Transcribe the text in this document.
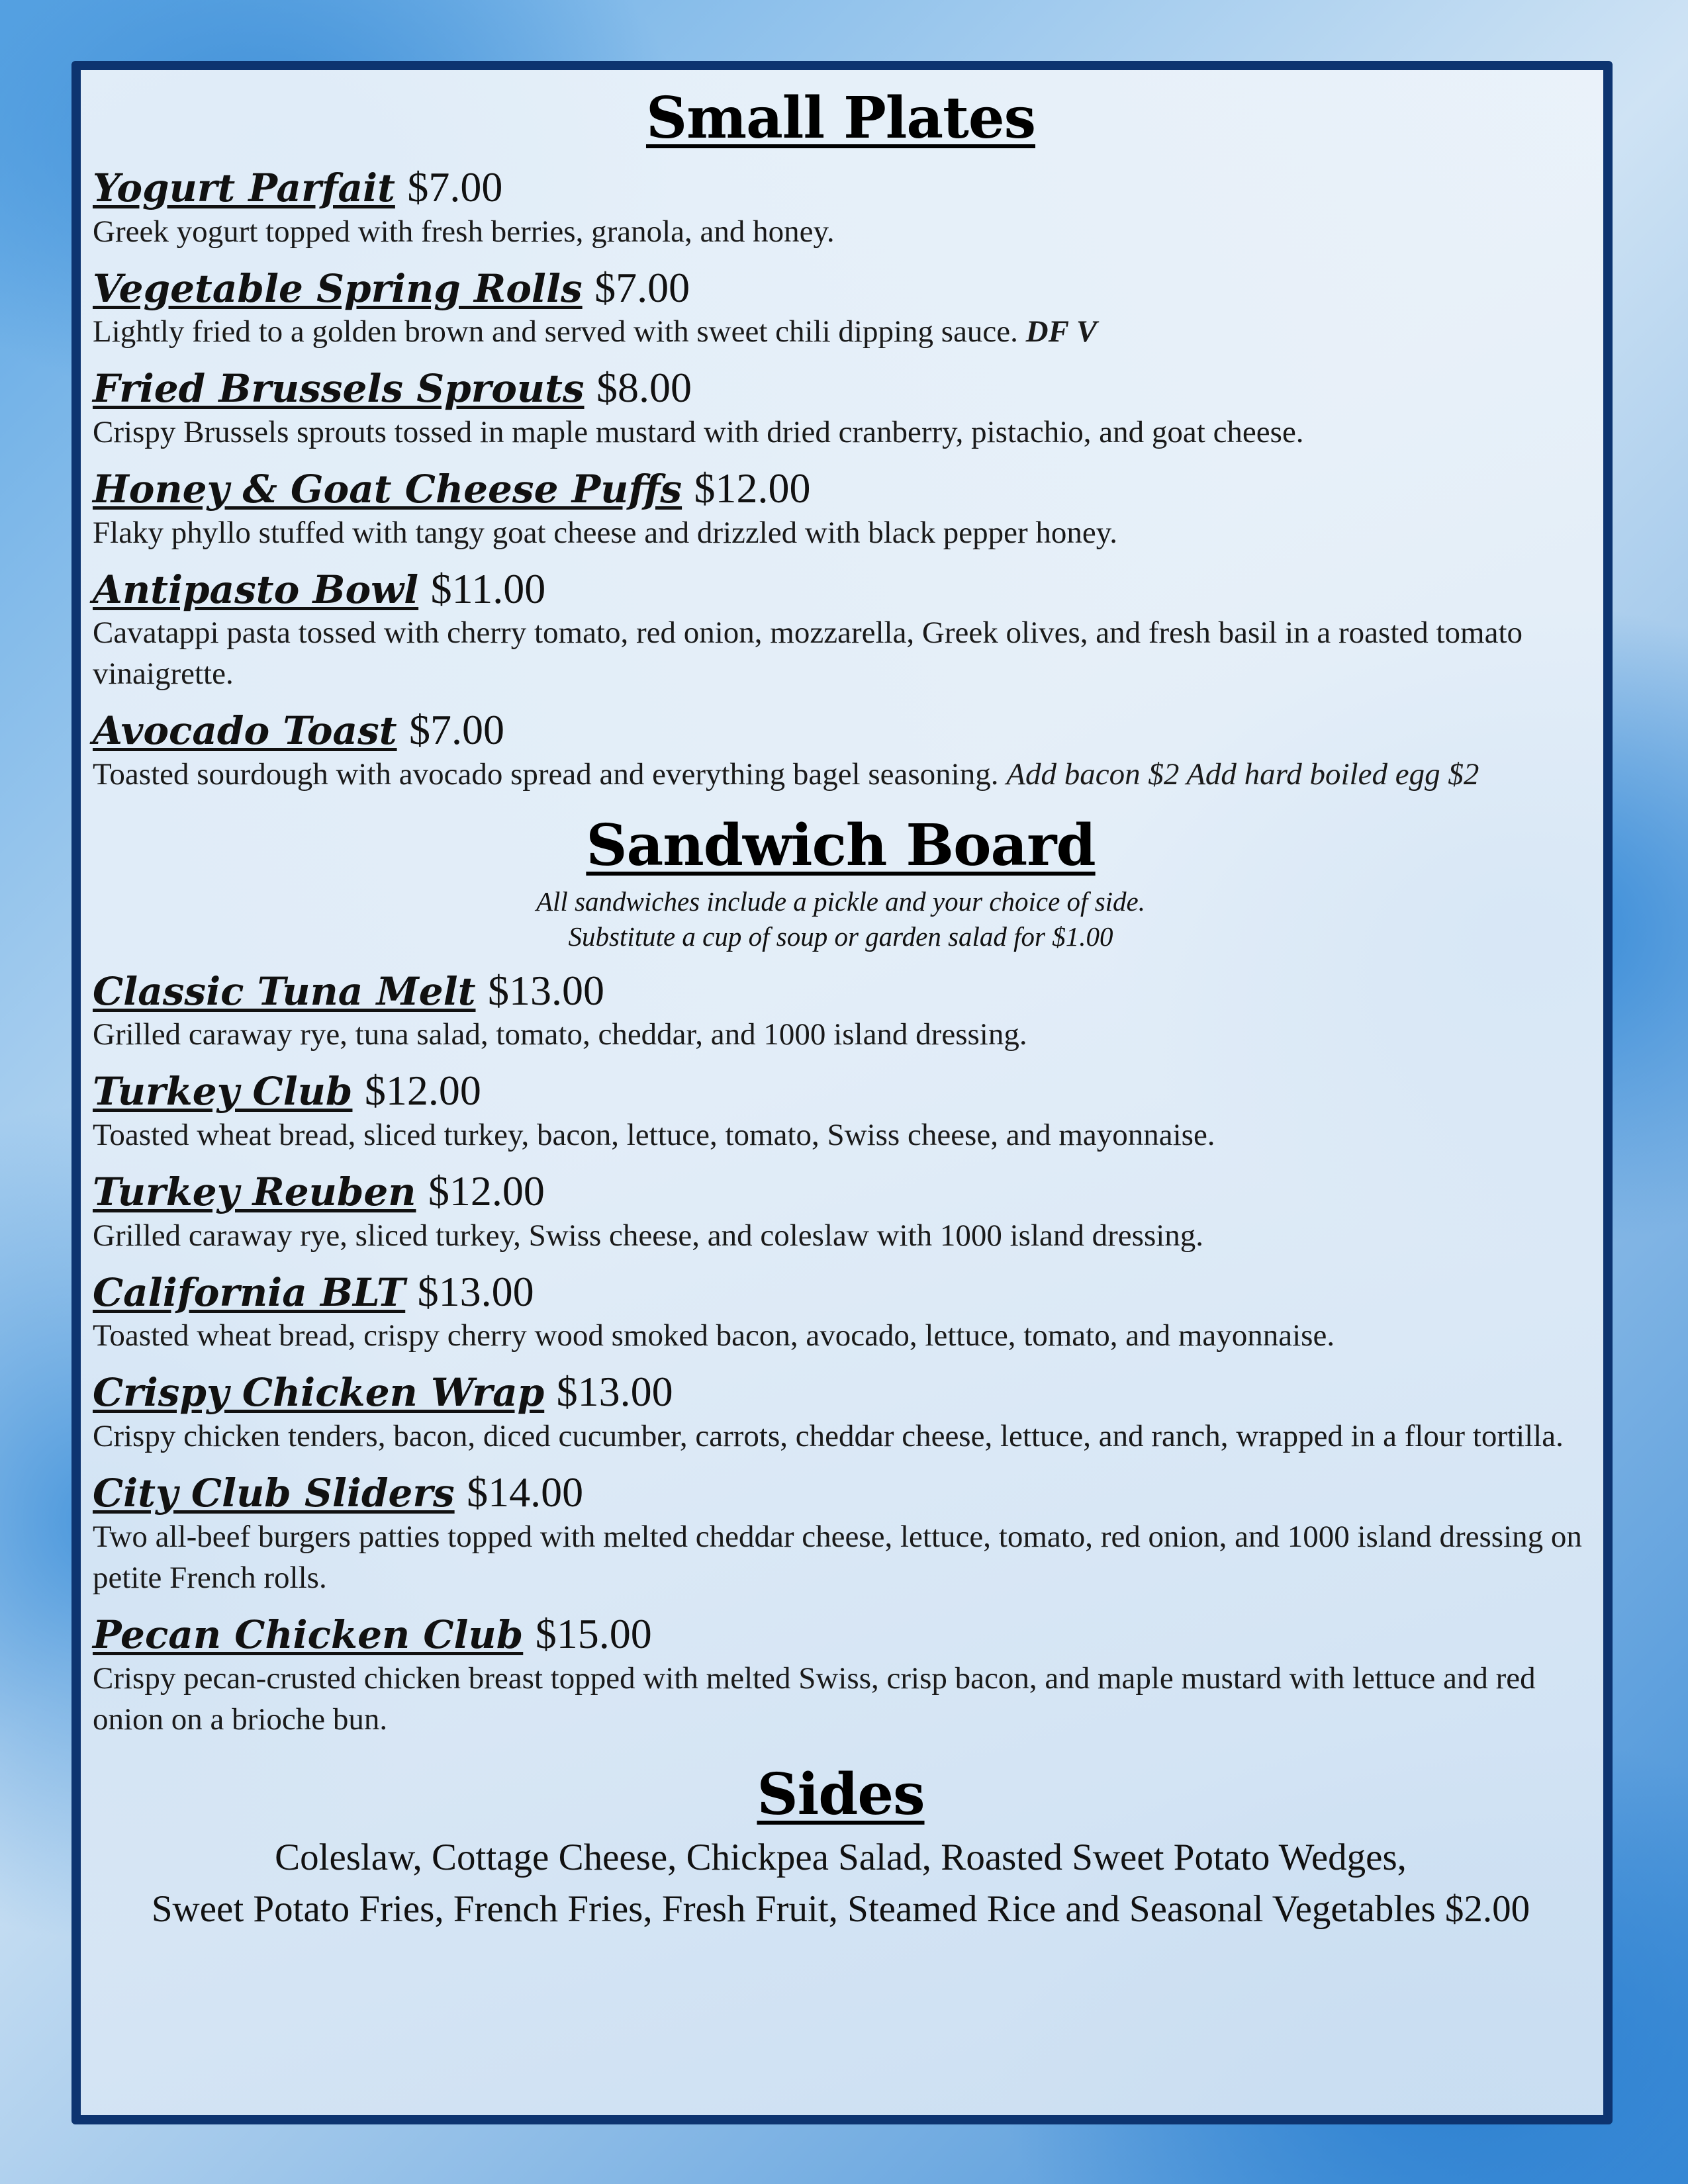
Small Plates
Yogurt Parfait $7.00
Greek yogurt topped with fresh berries, granola, and honey.
Vegetable Spring Rolls $7.00
Lightly fried to a golden brown and served with sweet chili dipping sauce. DF V
Fried Brussels Sprouts $8.00
Crispy Brussels sprouts tossed in maple mustard with dried cranberry, pistachio, and goat cheese.
Honey & Goat Cheese Puffs $12.00
Flaky phyllo stuffed with tangy goat cheese and drizzled with black pepper honey.
Antipasto Bowl $11.00
Cavatappi pasta tossed with cherry tomato, red onion, mozzarella, Greek olives, and fresh basil in a roasted tomato vinaigrette.
Avocado Toast $7.00
Toasted sourdough with avocado spread and everything bagel seasoning. Add bacon $2 Add hard boiled egg $2
Sandwich Board
All sandwiches include a pickle and your choice of side.
Substitute a cup of soup or garden salad for $1.00
Classic Tuna Melt $13.00
Grilled caraway rye, tuna salad, tomato, cheddar, and 1000 island dressing.
Turkey Club $12.00
Toasted wheat bread, sliced turkey, bacon, lettuce, tomato, Swiss cheese, and mayonnaise.
Turkey Reuben $12.00
Grilled caraway rye, sliced turkey, Swiss cheese, and coleslaw with 1000 island dressing.
California BLT $13.00
Toasted wheat bread, crispy cherry wood smoked bacon, avocado, lettuce, tomato, and mayonnaise.
Crispy Chicken Wrap $13.00
Crispy chicken tenders, bacon, diced cucumber, carrots, cheddar cheese, lettuce, and ranch, wrapped in a flour tortilla.
City Club Sliders $14.00
Two all-beef burgers patties topped with melted cheddar cheese, lettuce, tomato, red onion, and 1000 island dressing on petite French rolls.
Pecan Chicken Club $15.00
Crispy pecan-crusted chicken breast topped with melted Swiss, crisp bacon, and maple mustard with lettuce and red onion on a brioche bun.
Sides
Coleslaw, Cottage Cheese, Chickpea Salad, Roasted Sweet Potato Wedges,
Sweet Potato Fries, French Fries, Fresh Fruit, Steamed Rice and Seasonal Vegetables $2.00
